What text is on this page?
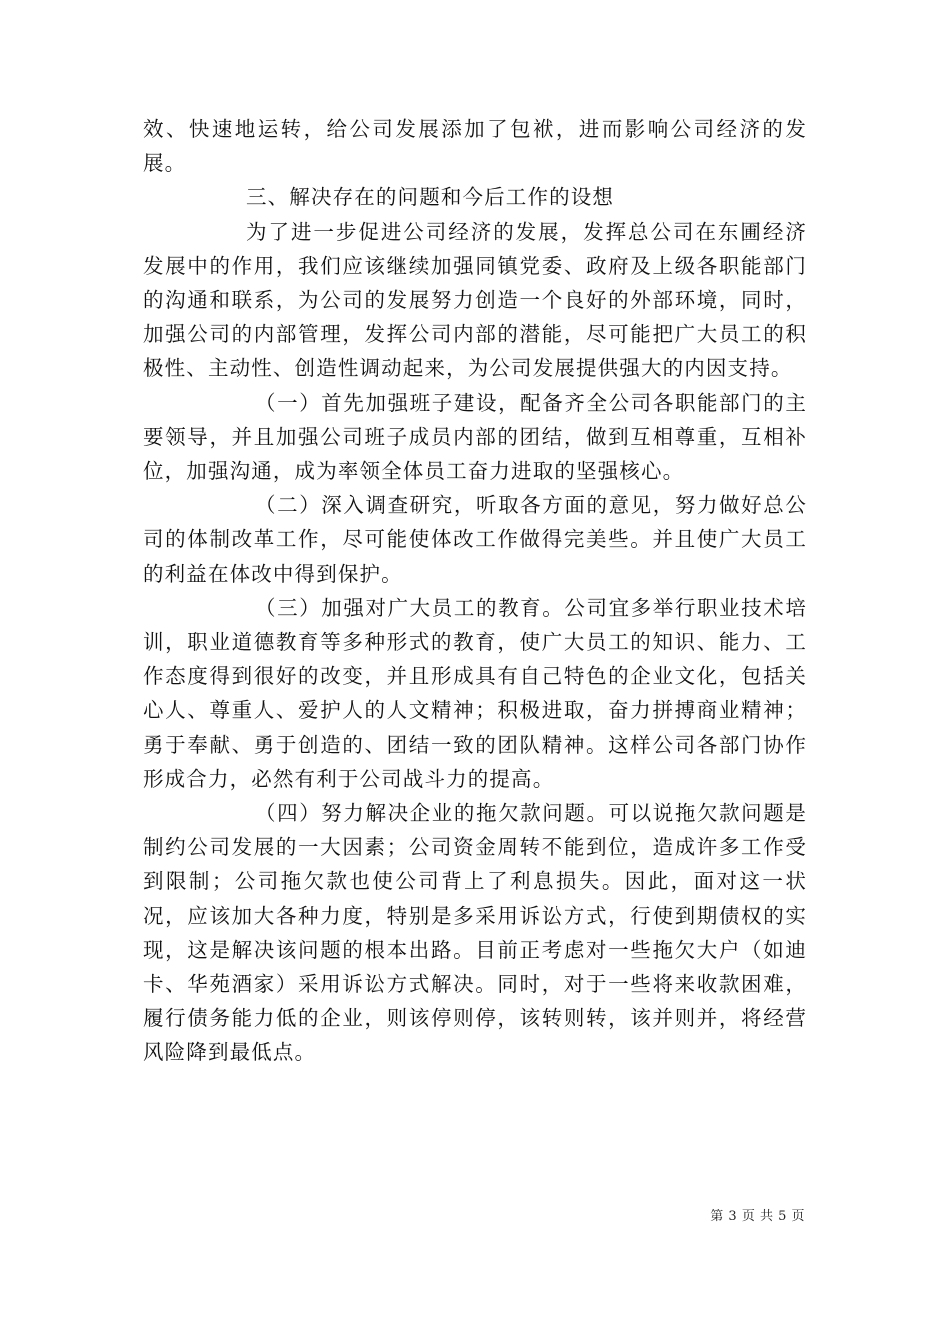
效、快速地运转，给公司发展添加了包袱，进而影响公司经济的发展。

三、解决存在的问题和今后工作的设想

为了进一步促进公司经济的发展，发挥总公司在东圃经济发展中的作用，我们应该继续加强同镇党委、政府及上级各职能部门的沟通和联系，为公司的发展努力创造一个良好的外部环境，同时，加强公司的内部管理，发挥公司内部的潜能，尽可能把广大员工的积极性、主动性、创造性调动起来，为公司发展提供强大的内因支持。

（一）首先加强班子建设，配备齐全公司各职能部门的主要领导，并且加强公司班子成员内部的团结，做到互相尊重，互相补位，加强沟通，成为率领全体员工奋力进取的坚强核心。

（二）深入调查研究，听取各方面的意见，努力做好总公司的体制改革工作，尽可能使体改工作做得完美些。并且使广大员工的利益在体改中得到保护。

（三）加强对广大员工的教育。公司宜多举行职业技术培训，职业道德教育等多种形式的教育，使广大员工的知识、能力、工作态度得到很好的改变，并且形成具有自己特色的企业文化，包括关心人、尊重人、爱护人的人文精神；积极进取，奋力拼搏商业精神；勇于奉献、勇于创造的、团结一致的团队精神。这样公司各部门协作形成合力，必然有利于公司战斗力的提高。

（四）努力解决企业的拖欠款问题。可以说拖欠款问题是制约公司发展的一大因素；公司资金周转不能到位，造成许多工作受到限制；公司拖欠款也使公司背上了利息损失。因此，面对这一状况，应该加大各种力度，特别是多采用诉讼方式，行使到期债权的实现，这是解决该问题的根本出路。目前正考虑对一些拖欠大户（如迪卡、华苑酒家）采用诉讼方式解决。同时，对于一些将来收款困难，履行债务能力低的企业，则该停则停，该转则转，该并则并，将经营风险降到最低点。

第 3 页 共 5 页
